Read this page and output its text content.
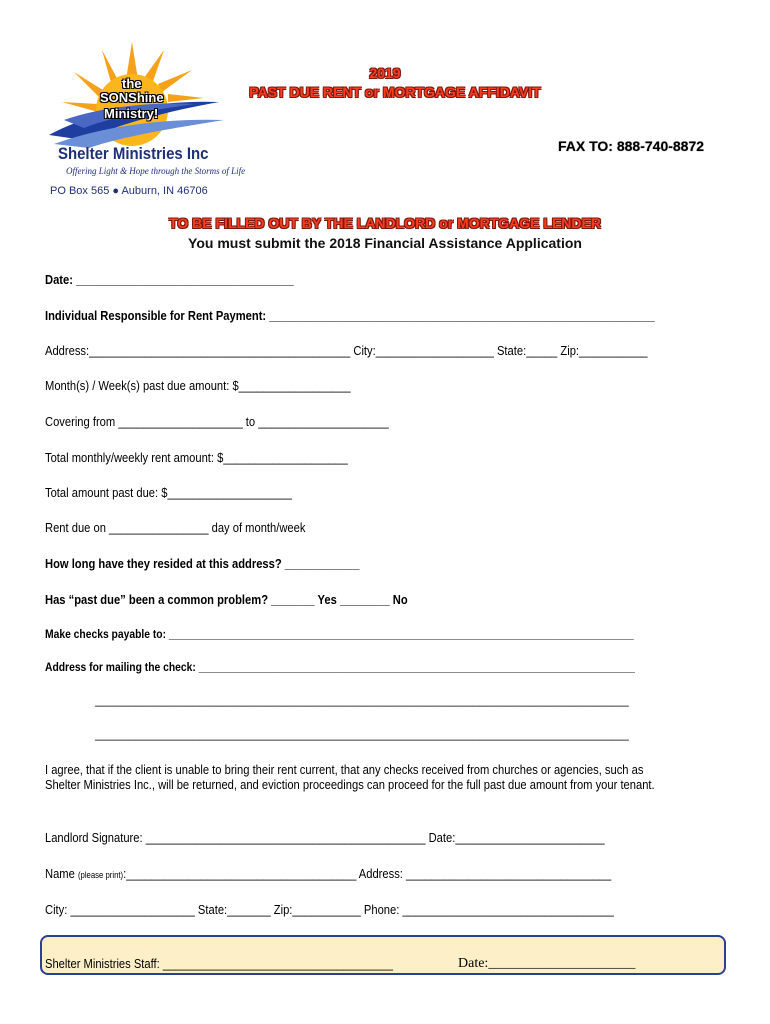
the
SONShine
Ministry!
Shelter Ministries Inc
Offering Light & Hope through the Storms of Life
PO Box 565 ● Auburn, IN 46706
2019
PAST DUE RENT or MORTGAGE AFFIDAVIT
FAX TO: 888-740-8872
TO BE FILLED OUT BY THE LANDLORD or MORTGAGE LENDER
You must submit the 2018 Financial Assistance Application
Date: ___________________________________
Individual Responsible for Rent Payment: ______________________________________________________________
Address:__________________________________________ City:___________________ State:_____ Zip:___________
Month(s) / Week(s) past due amount: $__________________
Covering from ____________________ to _____________________
Total monthly/weekly rent amount: $____________________
Total amount past due: $____________________
Rent due on ________________ day of month/week
How long have they resided at this address? ____________
Has “past due” been a common problem? _______ Yes ________ No
Make checks payable to: _________________________________________________________________________________
Address for mailing the check: ____________________________________________________________________________
_____________________________________________________________________________________________
_____________________________________________________________________________________________
I agree, that if the client is unable to bring their rent current, that any checks received from churches or agencies, such as
Shelter Ministries Inc., will be returned, and eviction proceedings can proceed for the full past due amount from your tenant.
Landlord Signature: _____________________________________________ Date:________________________
Name (please print):_____________________________________ Address: _________________________________
City: ____________________ State:_______ Zip:___________ Phone: __________________________________
Shelter Ministries Staff: _____________________________________	Date:_____________________
